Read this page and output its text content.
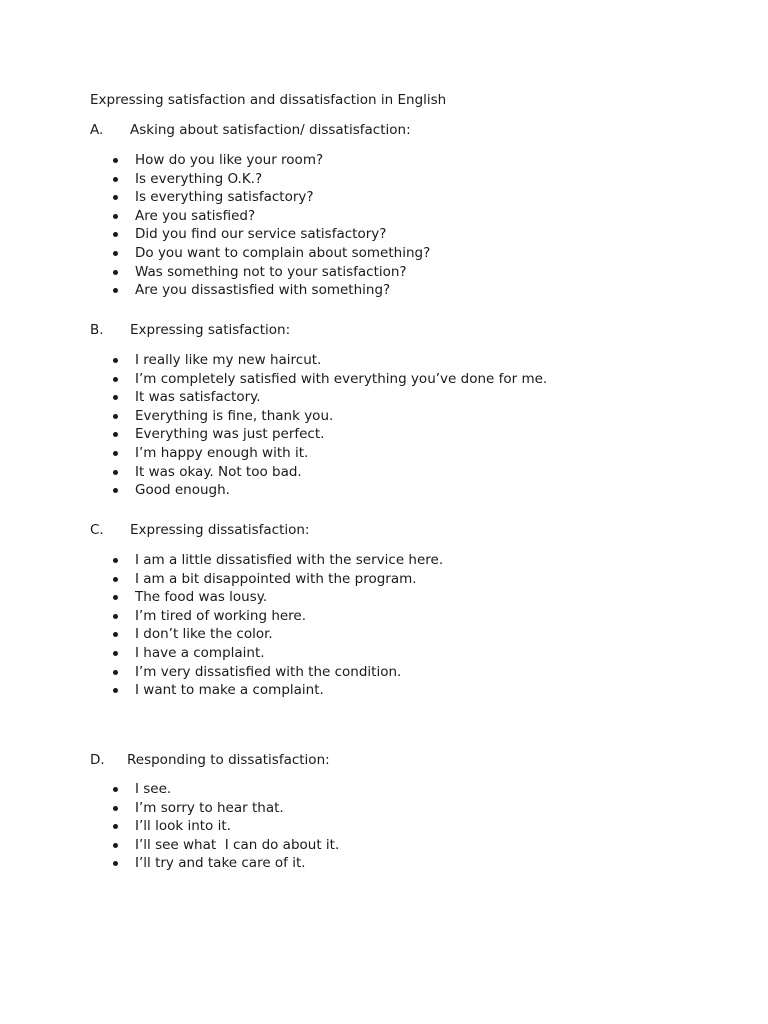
Expressing satisfaction and dissatisfaction in English
A. Asking about satisfaction/ dissatisfaction:
How do you like your room?
Is everything O.K.?
Is everything satisfactory?
Are you satisfied?
Did you find our service satisfactory?
Do you want to complain about something?
Was something not to your satisfaction?
Are you dissastisfied with something?
B. Expressing satisfaction:
I really like my new haircut.
I’m completely satisfied with everything you’ve done for me.
It was satisfactory.
Everything is fine, thank you.
Everything was just perfect.
I’m happy enough with it.
It was okay. Not too bad.
Good enough.
C. Expressing dissatisfaction:
I am a little dissatisfied with the service here.
I am a bit disappointed with the program.
The food was lousy.
I’m tired of working here.
I don’t like the color.
I have a complaint.
I’m very dissatisfied with the condition.
I want to make a complaint.
D. Responding to dissatisfaction:
I see.
I’m sorry to hear that.
I’ll look into it.
I’ll see what  I can do about it.
I’ll try and take care of it.
